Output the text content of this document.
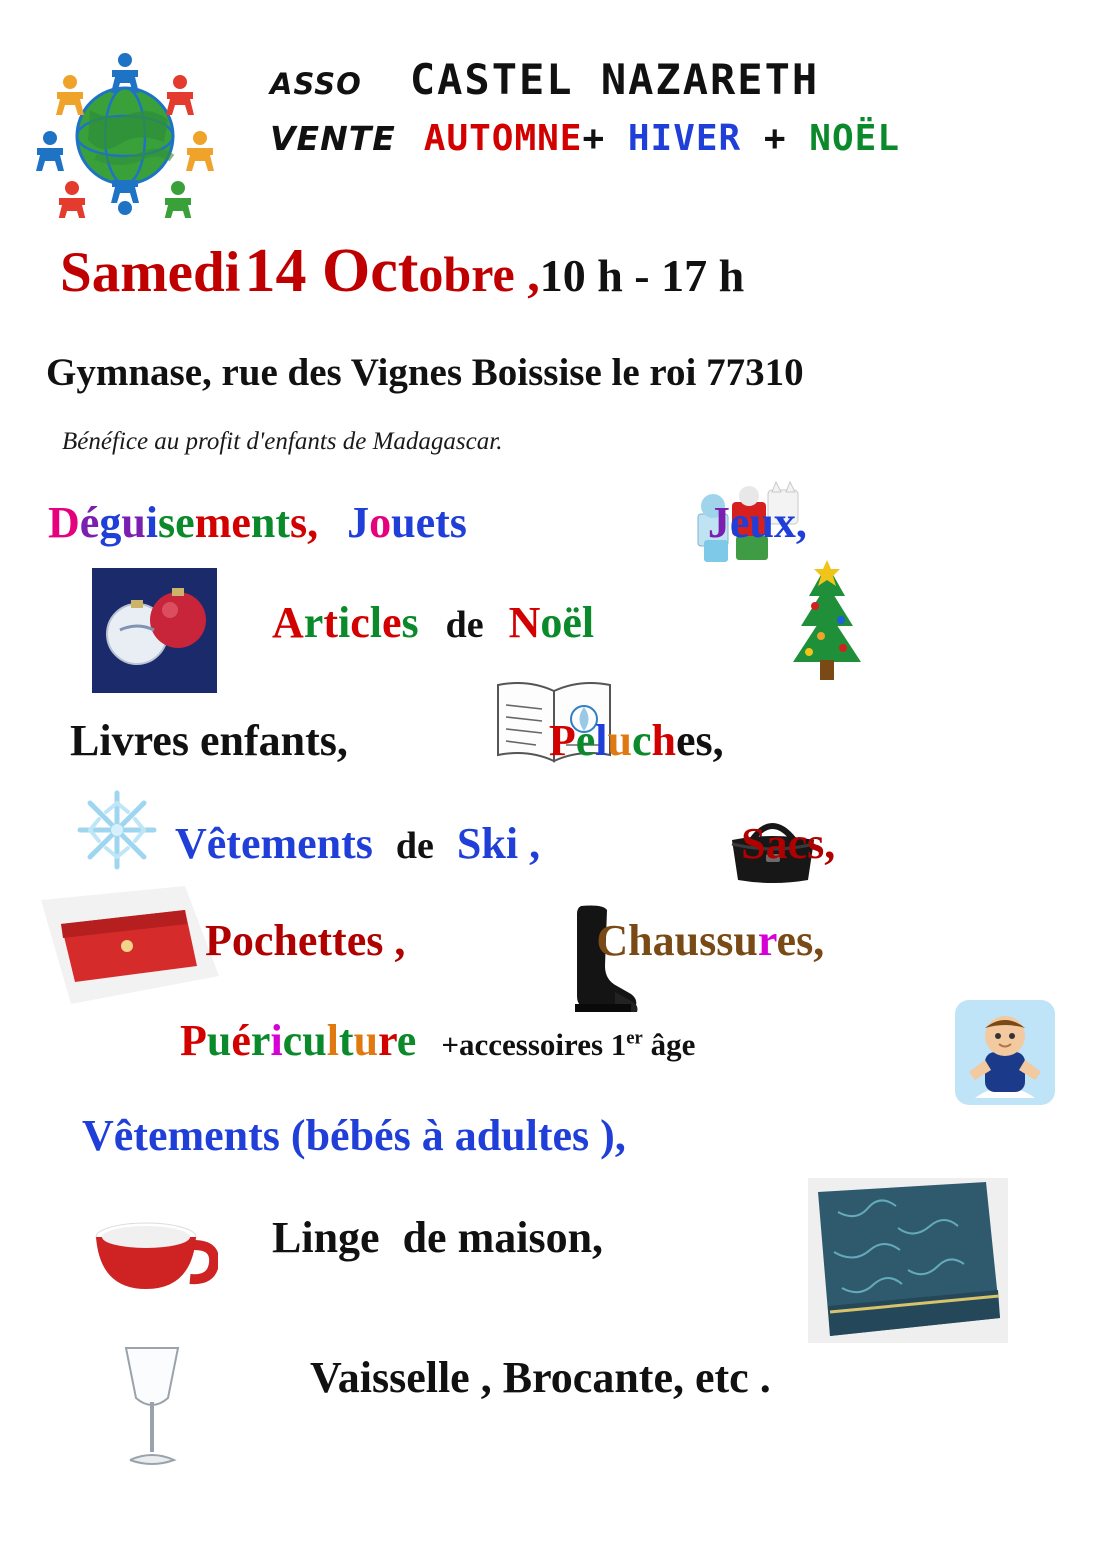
ASSO CASTEL NAZARETH
VENTE AUTOMNE+ HIVER + NOËL
Samedi 14 Octobre ,10 h - 17 h
Gymnase, rue des Vignes Boissise le roi 77310
Bénéfice au profit d'enfants de Madagascar.
Déguisements, Jouets	Jeux,
Articles de Noël
Livres enfants,	Peluches,
Vêtements de Ski ,	Sacs,
Pochettes ,	Chaussures,
Puériculture +accessoires 1er âge
Vêtements (bébés à adultes ),
Linge de maison,
Vaisselle , Brocante, etc .
